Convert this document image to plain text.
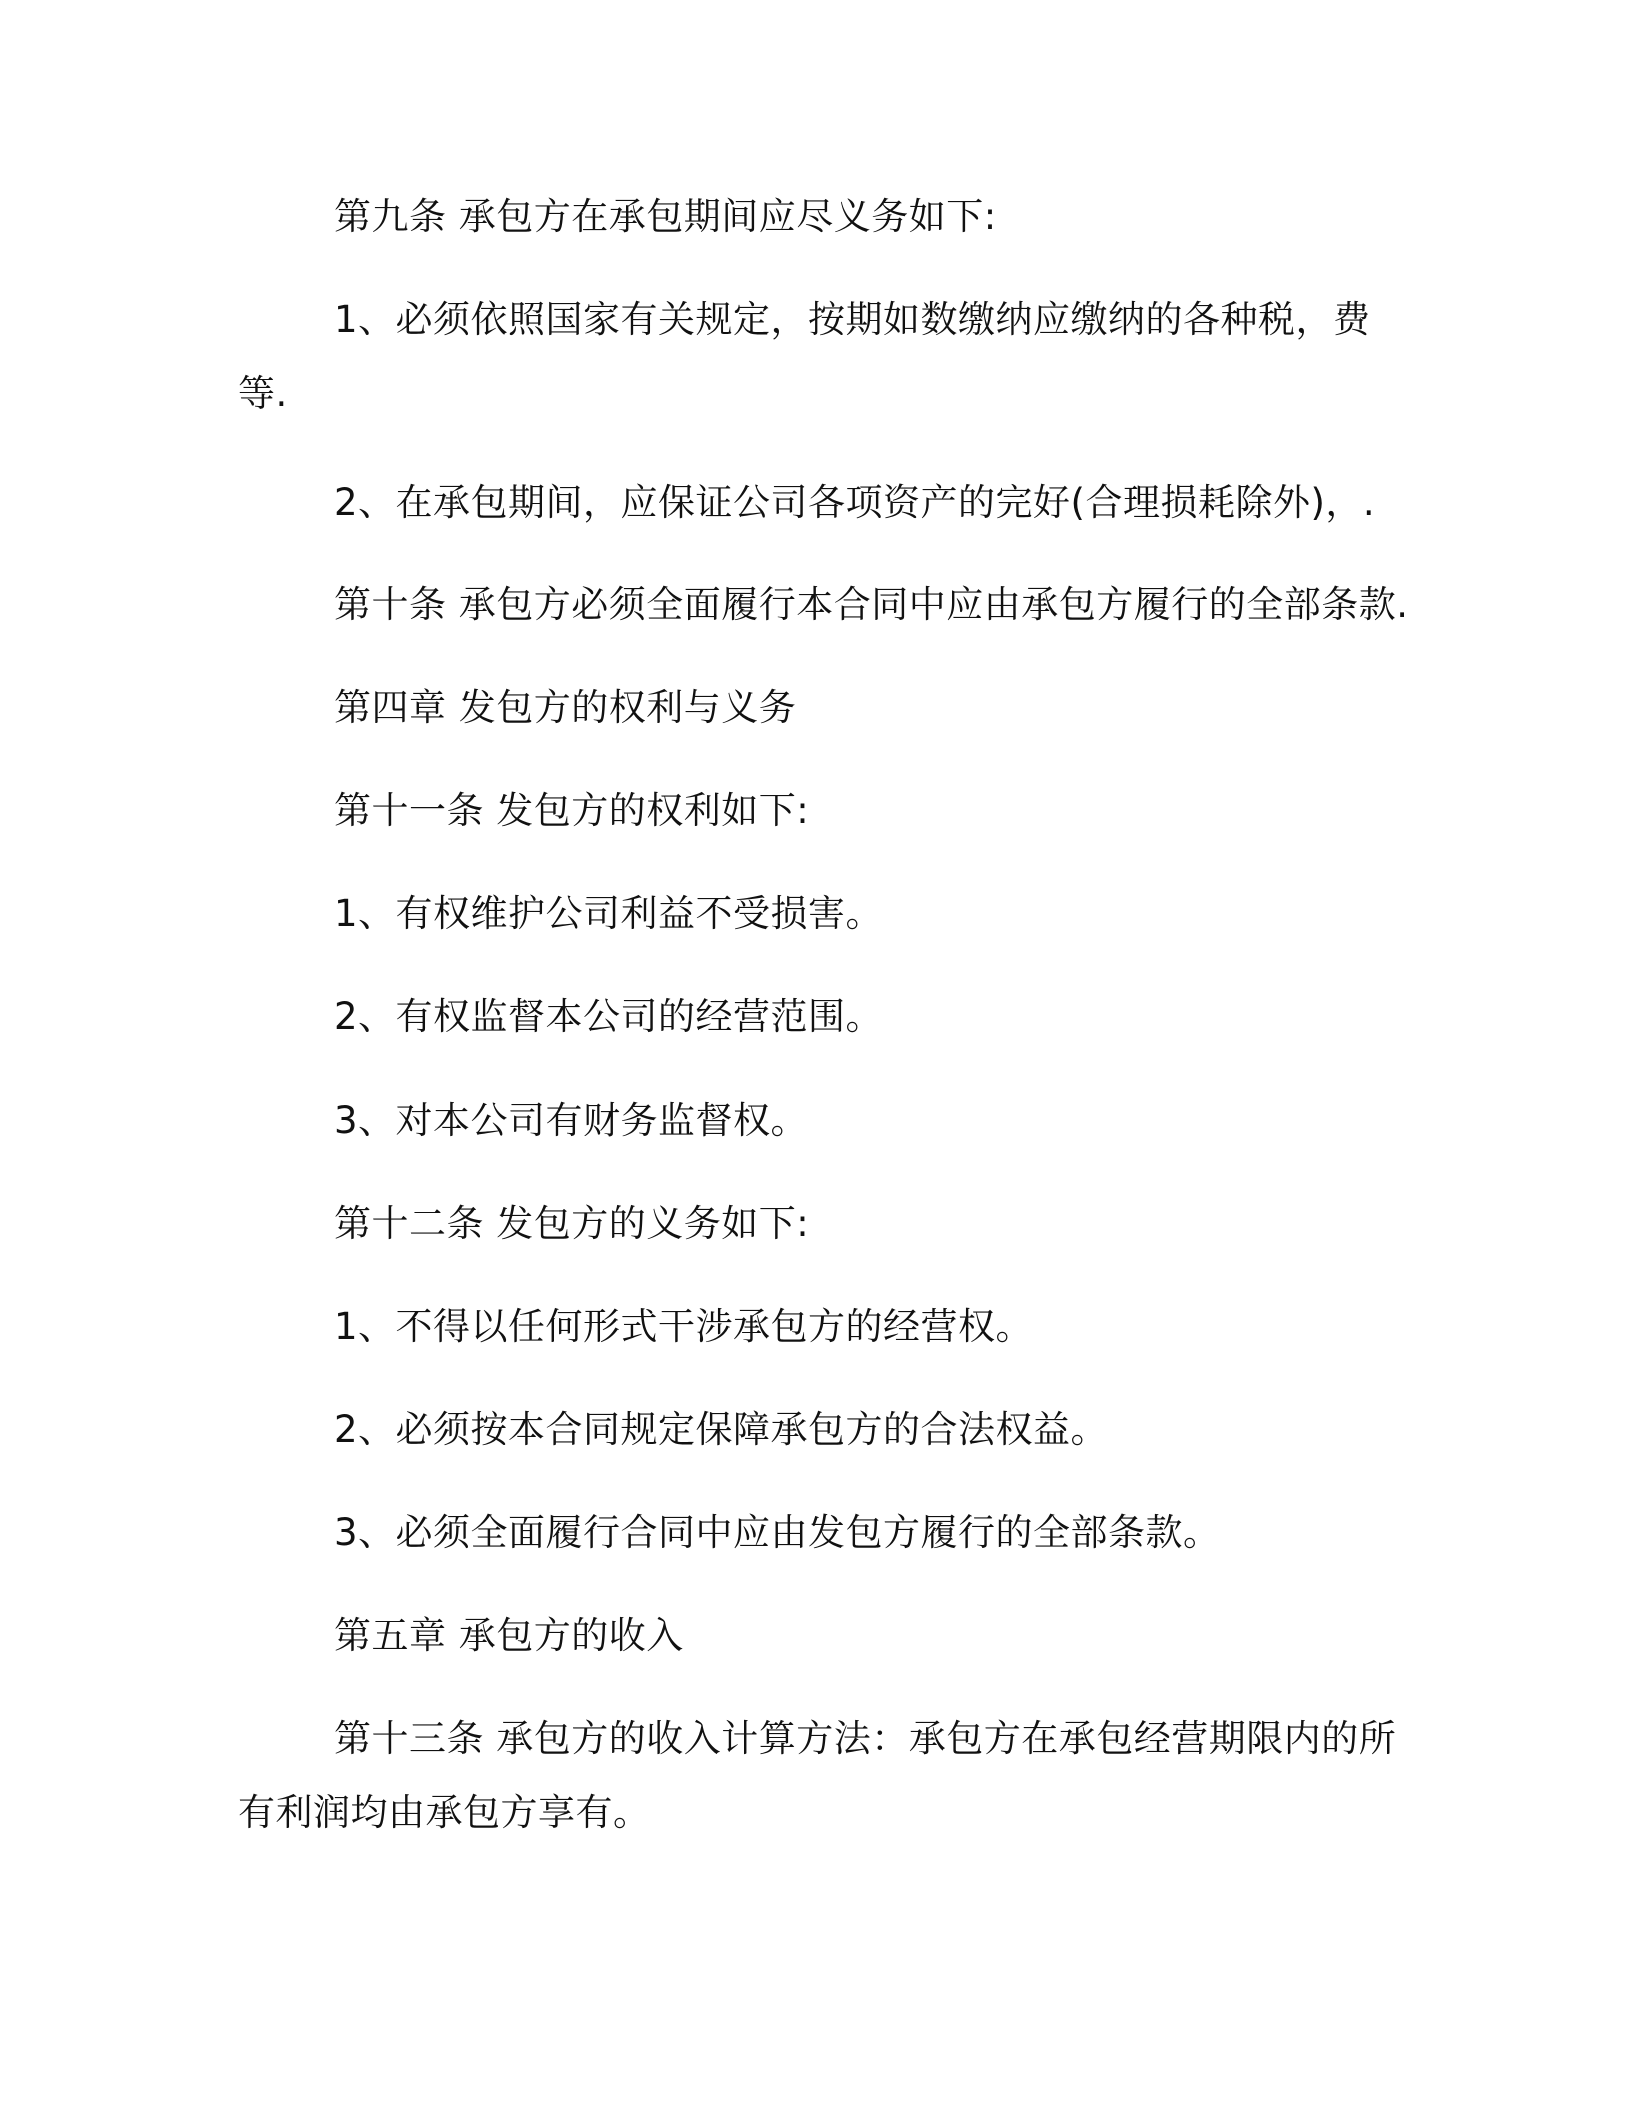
第九条 承包方在承包期间应尽义务如下:
1、必须依照国家有关规定，按期如数缴纳应缴纳的各种税，费等.
2、在承包期间，应保证公司各项资产的完好(合理损耗除外)，.
第十条 承包方必须全面履行本合同中应由承包方履行的全部条款.
第四章 发包方的权利与义务
第十一条 发包方的权利如下:
1、有权维护公司利益不受损害。
2、有权监督本公司的经营范围。
3、对本公司有财务监督权。
第十二条 发包方的义务如下:
1、不得以任何形式干涉承包方的经营权。
2、必须按本合同规定保障承包方的合法权益。
3、必须全面履行合同中应由发包方履行的全部条款。
第五章 承包方的收入
第十三条 承包方的收入计算方法：承包方在承包经营期限内的所有利润均由承包方享有。
